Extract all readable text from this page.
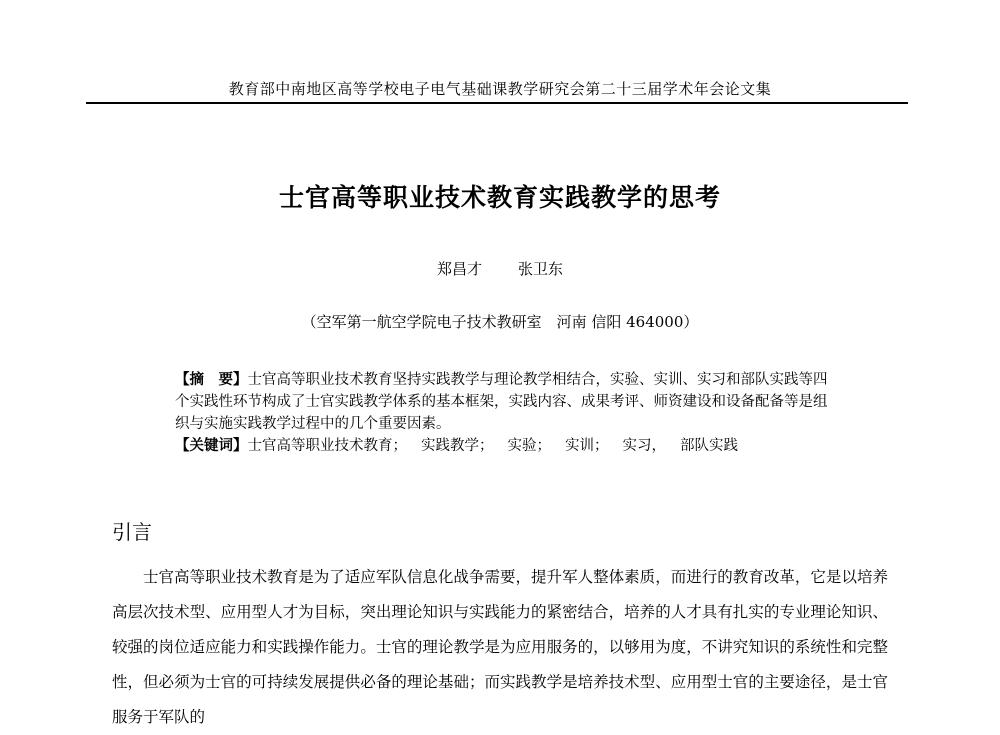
教育部中南地区高等学校电子电气基础课教学研究会第二十三届学术年会论文集
士官高等职业技术教育实践教学的思考
郑昌才 张卫东
（空军第一航空学院电子技术教研室　河南 信阳 464000）

【摘　要】士官高等职业技术教育坚持实践教学与理论教学相结合，实验、实训、实习和部队实践等四个实践性环节构成了士官实践教学体系的基本框架，实践内容、成果考评、师资建设和设备配备等是组织与实施实践教学过程中的几个重要因素。

【关键词】士官高等职业技术教育； 实践教学； 实验； 实训； 实习， 部队实践

引言

士官高等职业技术教育是为了适应军队信息化战争需要，提升军人整体素质，而进行的教育改革，它是以培养高层次技术型、应用型人才为目标，突出理论知识与实践能力的紧密结合，培养的人才具有扎实的专业理论知识、较强的岗位适应能力和实践操作能力。士官的理论教学是为应用服务的，以够用为度，不讲究知识的系统性和完整性，但必须为士官的可持续发展提供必备的理论基础；而实践教学是培养技术型、应用型士官的主要途径，是士官服务于军队的
